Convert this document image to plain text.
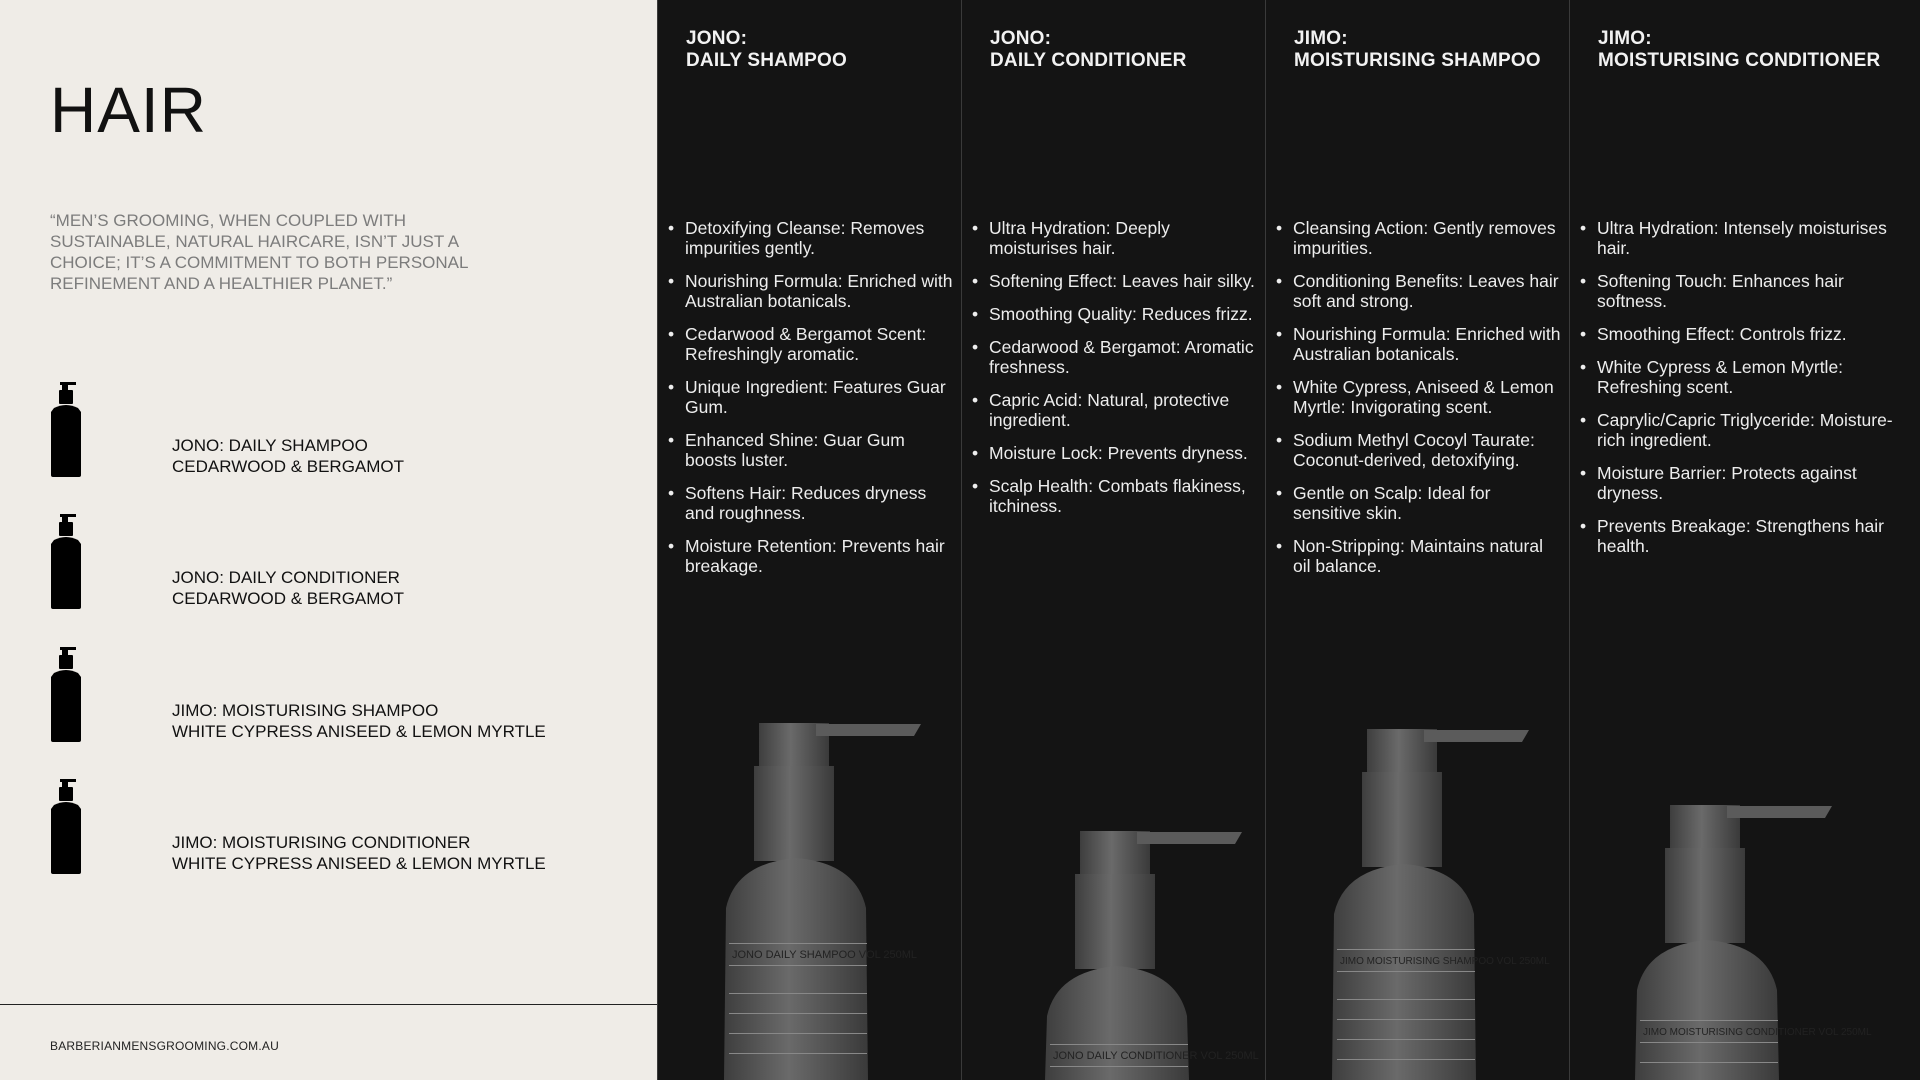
HAIR
“MEN’S GROOMING, WHEN COUPLED WITH SUSTAINABLE, NATURAL HAIRCARE, ISN’T JUST A CHOICE; IT’S A COMMITMENT TO BOTH PERSONAL REFINEMENT AND A HEALTHIER PLANET.”
JONO: DAILY SHAMPOO
CEDARWOOD & BERGAMOT
JONO: DAILY CONDITIONER
CEDARWOOD & BERGAMOT
JIMO: MOISTURISING SHAMPOO
WHITE CYPRESS ANISEED & LEMON MYRTLE
JIMO: MOISTURISING CONDITIONER
WHITE CYPRESS ANISEED & LEMON MYRTLE
BARBERIANMENSGROOMING.COM.AU
JONO:
DAILY SHAMPOO
• Detoxifying Cleanse: Removes impurities gently.
• Nourishing Formula: Enriched with Australian botanicals.
• Cedarwood & Bergamot Scent: Refreshingly aromatic.
• Unique Ingredient: Features Guar Gum.
• Enhanced Shine: Guar Gum boosts luster.
• Softens Hair: Reduces dryness and roughness.
• Moisture Retention: Prevents hair breakage.
JONO DAILY SHAMPOO VOL 250ML
JONO:
DAILY CONDITIONER
• Ultra Hydration: Deeply moisturises hair.
• Softening Effect: Leaves hair silky.
• Smoothing Quality: Reduces frizz.
• Cedarwood & Bergamot: Aromatic freshness.
• Capric Acid: Natural, protective ingredient.
• Moisture Lock: Prevents dryness.
• Scalp Health: Combats flakiness, itchiness.
JONO DAILY CONDITIONER VOL 250ML
JIMO:
MOISTURISING SHAMPOO
• Cleansing Action: Gently removes impurities.
• Conditioning Benefits: Leaves hair soft and strong.
• Nourishing Formula: Enriched with Australian botanicals.
• White Cypress, Aniseed & Lemon Myrtle: Invigorating scent.
• Sodium Methyl Cocoyl Taurate: Coconut-derived, detoxifying.
• Gentle on Scalp: Ideal for sensitive skin.
• Non-Stripping: Maintains natural oil balance.
JIMO MOISTURISING SHAMPOO VOL 250ML
JIMO:
MOISTURISING CONDITIONER
• Ultra Hydration: Intensely moisturises hair.
• Softening Touch: Enhances hair softness.
• Smoothing Effect: Controls frizz.
• White Cypress & Lemon Myrtle: Refreshing scent.
• Caprylic/Capric Triglyceride: Moisture-rich ingredient.
• Moisture Barrier: Protects against dryness.
• Prevents Breakage: Strengthens hair health.
JIMO MOISTURISING CONDITIONER VOL 250ML
